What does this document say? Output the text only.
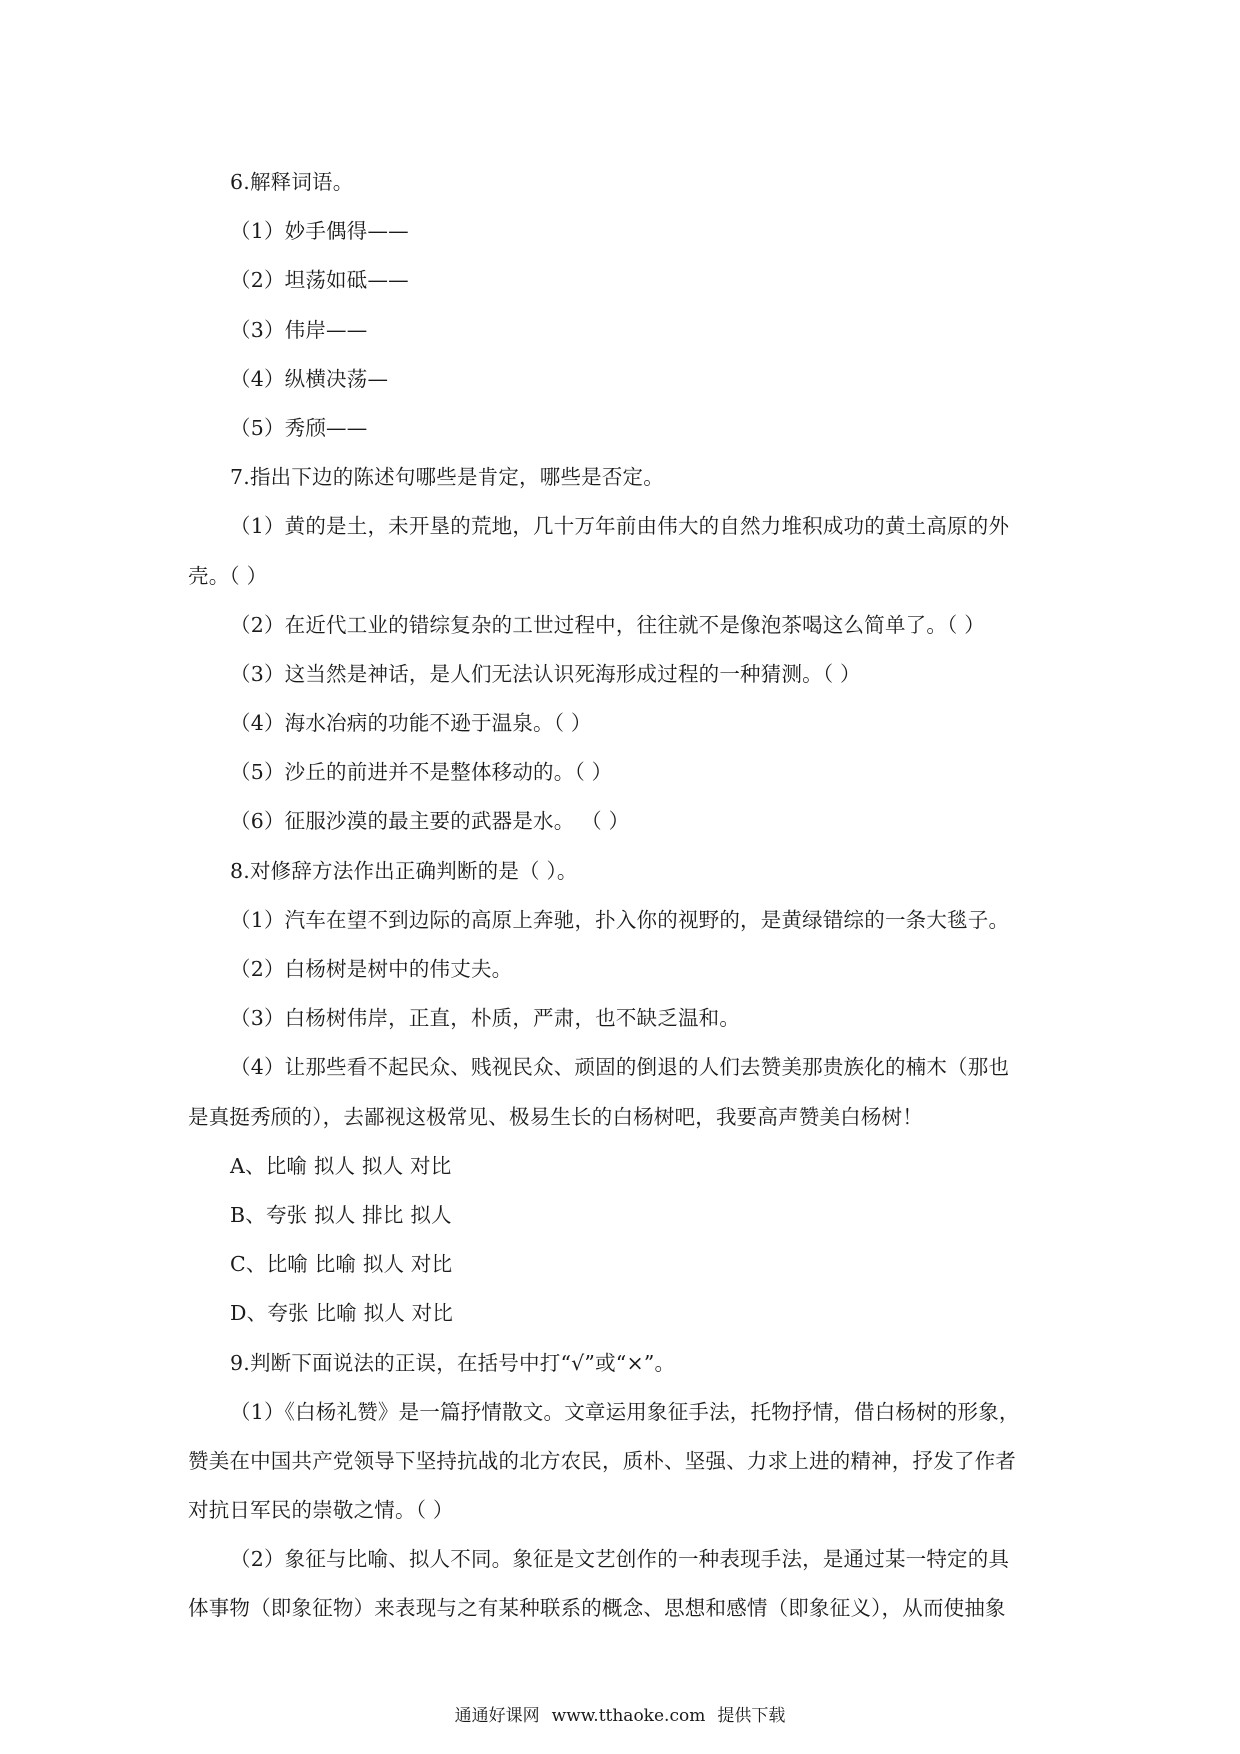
6.解释词语。
（1）妙手偶得——
（2）坦荡如砥——
（3）伟岸——
（4）纵横决荡—
（5）秀颀——
7.指出下边的陈述句哪些是肯定，哪些是否定。
（1）黄的是土，未开垦的荒地，几十万年前由伟大的自然力堆积成功的黄土高原的外
壳。（ ）
（2）在近代工业的错综复杂的工世过程中，往往就不是像泡茶喝这么简单了。（ ）
（3）这当然是神话，是人们无法认识死海形成过程的一种猜测。（ ）
（4）海水冶病的功能不逊于温泉。（ ）
（5）沙丘的前进并不是整体移动的。（ ）
（6）征服沙漠的最主要的武器是水。 （ ）
8.对修辞方法作出正确判断的是（ ）。
（1）汽车在望不到边际的高原上奔驰，扑入你的视野的，是黄绿错综的一条大毯子。
（2）白杨树是树中的伟丈夫。
（3）白杨树伟岸，正直，朴质，严肃，也不缺乏温和。
（4）让那些看不起民众、贱视民众、顽固的倒退的人们去赞美那贵族化的楠木（那也
是真挺秀颀的），去鄙视这极常见、极易生长的白杨树吧，我要高声赞美白杨树！
A、比喻 拟人 拟人 对比
B、夸张 拟人 排比 拟人
C、比喻 比喻 拟人 对比
D、夸张 比喻 拟人 对比
9.判断下面说法的正误，在括号中打“√”或“×”。
（1）《白杨礼赞》是一篇抒情散文。文章运用象征手法，托物抒情，借白杨树的形象，
赞美在中国共产党领导下坚持抗战的北方农民，质朴、坚强、力求上进的精神，抒发了作者
对抗日军民的崇敬之情。（ ）
（2）象征与比喻、拟人不同。象征是文艺创作的一种表现手法，是通过某一特定的具
体事物（即象征物）来表现与之有某种联系的概念、思想和感情（即象征义），从而使抽象
通通好课网 www.tthaoke.com 提供下载
